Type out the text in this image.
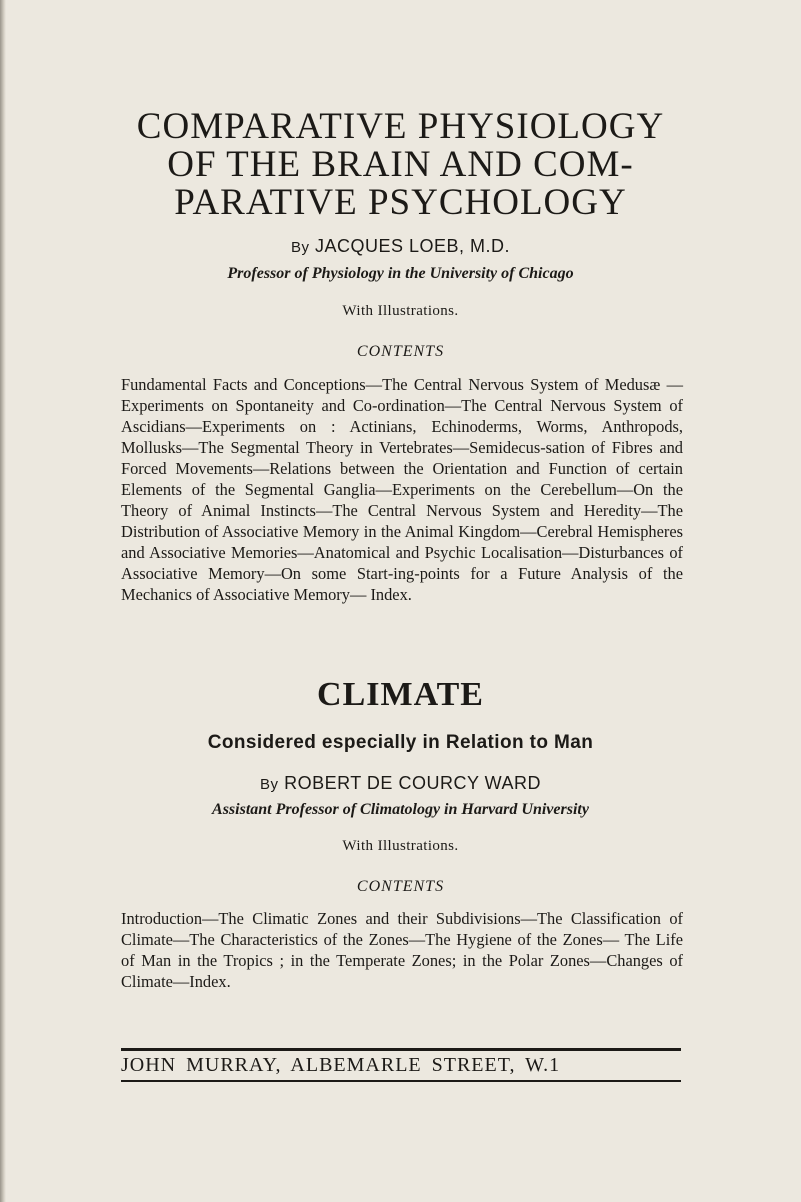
COMPARATIVE PHYSIOLOGY
OF THE BRAIN AND COM-
PARATIVE PSYCHOLOGY
By JACQUES LOEB, M.D.
Professor of Physiology in the University of Chicago
With Illustrations.
CONTENTS
Fundamental Facts and Conceptions—The Central Nervous System of Medusæ —Experiments on Spontaneity and Co-ordination—The Central Nervous System of Ascidians—Experiments on : Actinians, Echinoderms, Worms, Anthropods, Mollusks—The Segmental Theory in Vertebrates—Semidecus-sation of Fibres and Forced Movements—Relations between the Orientation and Function of certain Elements of the Segmental Ganglia—Experiments on the Cerebellum—On the Theory of Animal Instincts—The Central Nervous System and Heredity—The Distribution of Associative Memory in the Animal Kingdom—Cerebral Hemispheres and Associative Memories—Anatomical and Psychic Localisation—Disturbances of Associative Memory—On some Start-ing-points for a Future Analysis of the Mechanics of Associative Memory— Index.
CLIMATE
Considered especially in Relation to Man
By ROBERT DE COURCY WARD
Assistant Professor of Climatology in Harvard University
With Illustrations.
CONTENTS
Introduction—The Climatic Zones and their Subdivisions—The Classification of Climate—The Characteristics of the Zones—The Hygiene of the Zones— The Life of Man in the Tropics ; in the Temperate Zones; in the Polar Zones—Changes of Climate—Index.
JOHN MURRAY, ALBEMARLE STREET, W.1
